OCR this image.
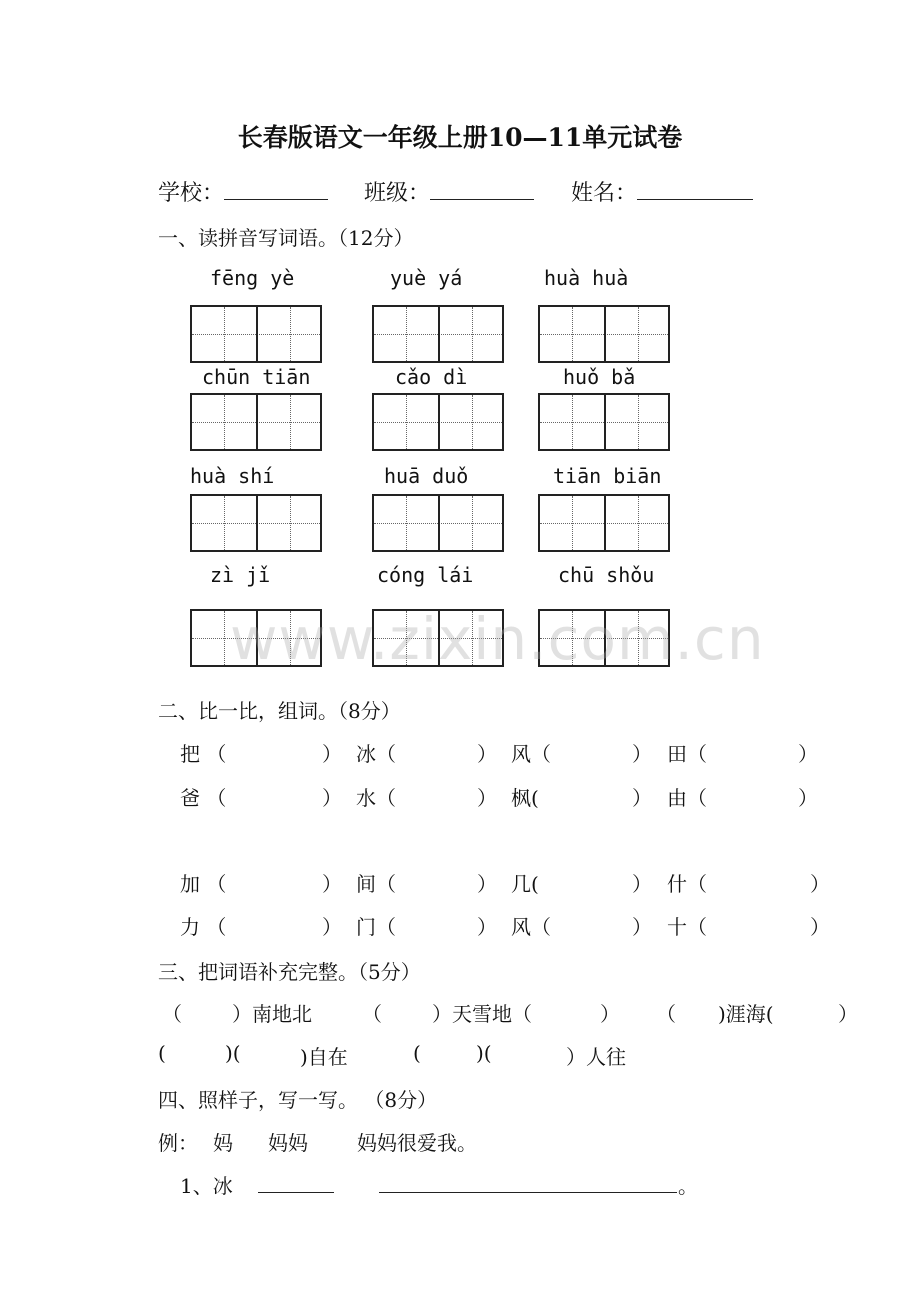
长春版语文一年级上册10—11单元试卷
学校：	班级：	姓名：
一、读拼音写词语。（12分）
fēng yè	yuè yá	huà huà
chūn tiān	cǎo dì	huǒ bǎ
huà shí	huā duǒ	tiān biān
zì jǐ	cóng lái	chū shǒu
www.zixin.com.cn
二、比一比，组词。（8分）
把 （	） 冰（	） 风（	） 田（	）
爸 （	） 水（	） 枫(	） 由（	）
加 （	） 间（	） 几(	） 什（	）
力 （	） 门（	） 风（	） 十（	）
三、把词语补充完整。（5分）
（	）南地北	（	）天雪地（	） （ )涯海(	）
(	)(	)自在	(	)(	）人往
四、照样子，写一写。 （8分）
例： 妈 妈妈 妈妈很爱我。
1、冰	。
